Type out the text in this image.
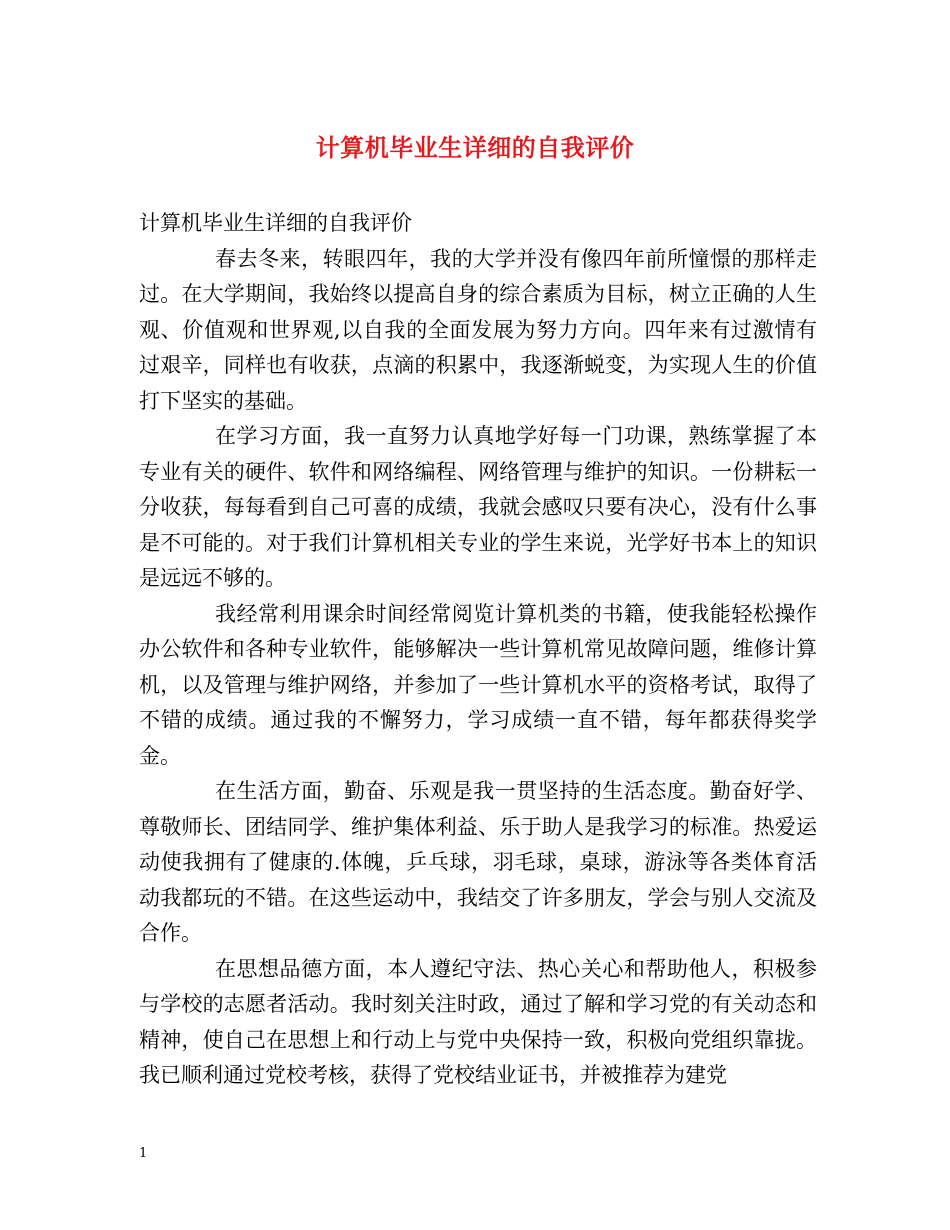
计算机毕业生详细的自我评价

计算机毕业生详细的自我评价

春去冬来，转眼四年，我的大学并没有像四年前所憧憬的那样走过。在大学期间，我始终以提高自身的综合素质为目标，树立正确的人生观、价值观和世界观,以自我的全面发展为努力方向。四年来有过激情有过艰辛，同样也有收获，点滴的积累中，我逐渐蜕变，为实现人生的价值打下坚实的基础。

在学习方面，我一直努力认真地学好每一门功课，熟练掌握了本专业有关的硬件、软件和网络编程、网络管理与维护的知识。一份耕耘一分收获，每每看到自己可喜的成绩，我就会感叹只要有决心，没有什么事是不可能的。对于我们计算机相关专业的学生来说，光学好书本上的知识是远远不够的。

我经常利用课余时间经常阅览计算机类的书籍，使我能轻松操作办公软件和各种专业软件，能够解决一些计算机常见故障问题，维修计算机，以及管理与维护网络，并参加了一些计算机水平的资格考试，取得了不错的成绩。通过我的不懈努力，学习成绩一直不错，每年都获得奖学金。

在生活方面，勤奋、乐观是我一贯坚持的生活态度。勤奋好学、尊敬师长、团结同学、维护集体利益、乐于助人是我学习的标准。热爱运动使我拥有了健康的.体魄，乒乓球，羽毛球，桌球，游泳等各类体育活动我都玩的不错。在这些运动中，我结交了许多朋友，学会与别人交流及合作。

在思想品德方面，本人遵纪守法、热心关心和帮助他人，积极参与学校的志愿者活动。我时刻关注时政，通过了解和学习党的有关动态和精神，使自己在思想上和行动上与党中央保持一致，积极向党组织靠拢。我已顺利通过党校考核，获得了党校结业证书，并被推荐为建党

1
